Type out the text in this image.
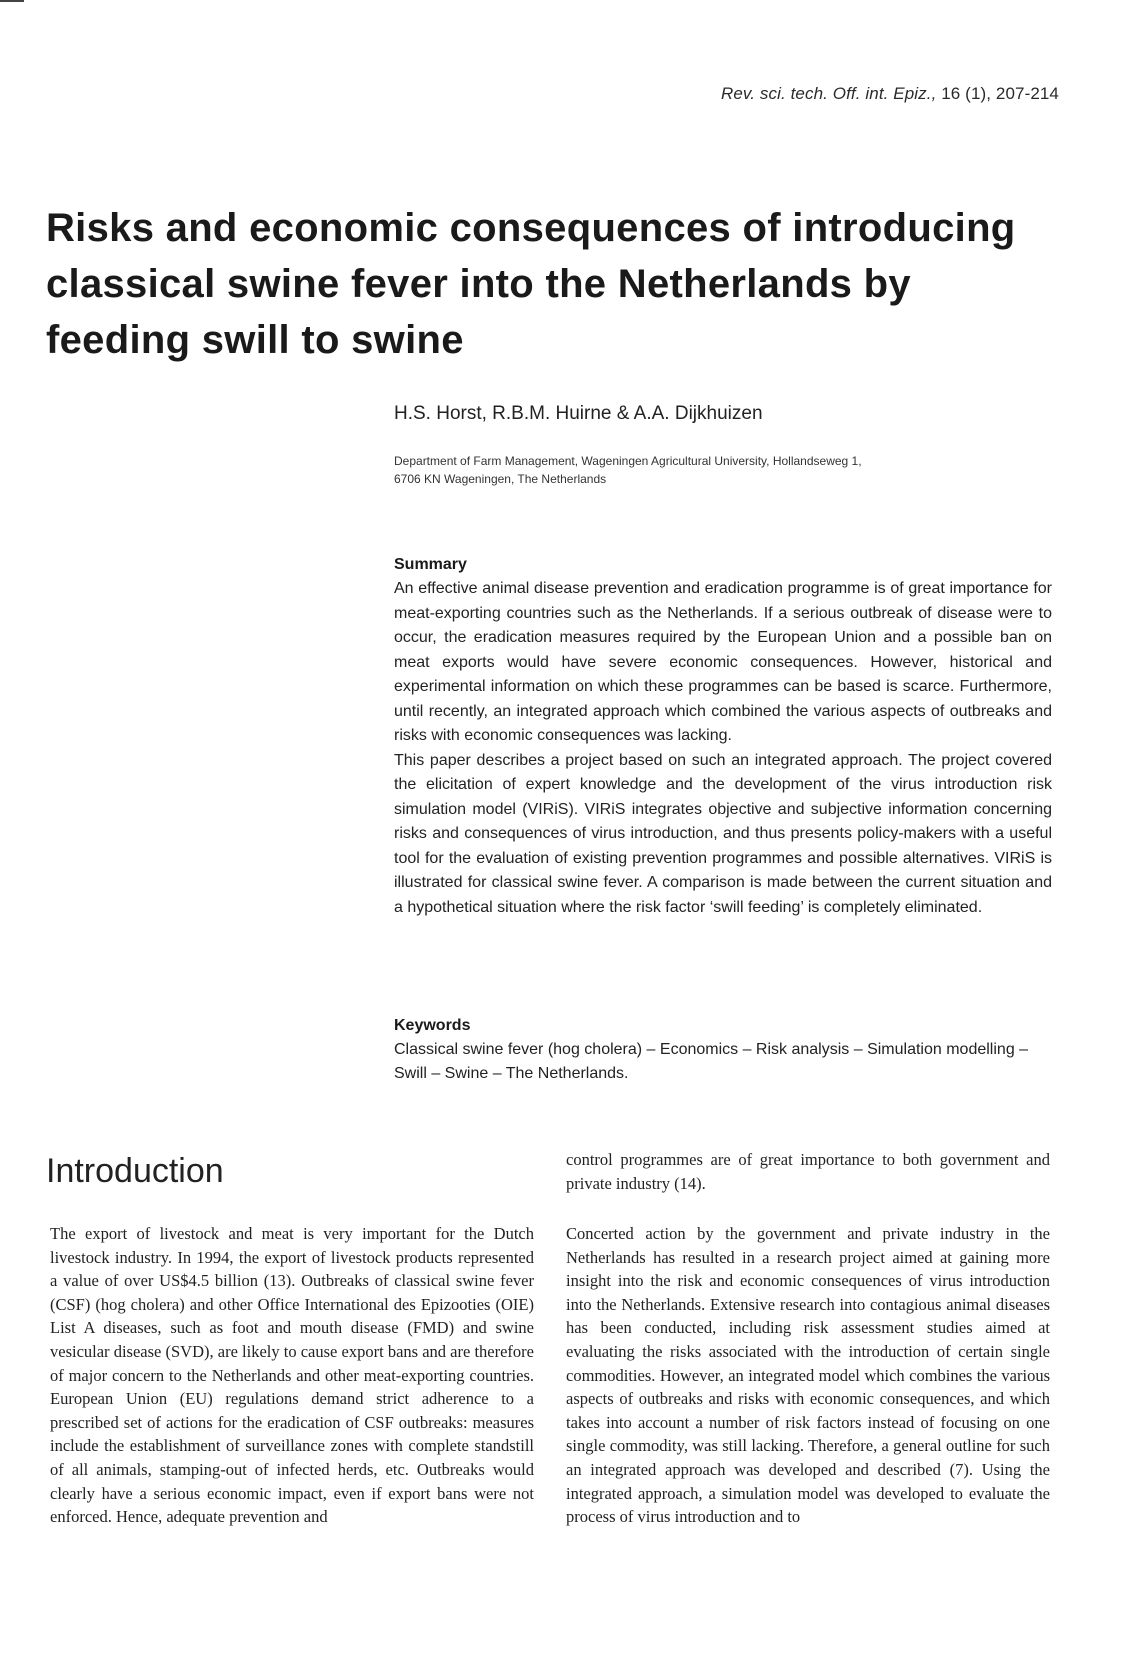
Rev. sci. tech. Off. int. Epiz., 16 (1), 207-214
Risks and economic consequences of introducing classical swine fever into the Netherlands by feeding swill to swine
H.S. Horst, R.B.M. Huirne & A.A. Dijkhuizen
Department of Farm Management, Wageningen Agricultural University, Hollandseweg 1,
6706 KN Wageningen, The Netherlands
Summary

An effective animal disease prevention and eradication programme is of great importance for meat-exporting countries such as the Netherlands. If a serious outbreak of disease were to occur, the eradication measures required by the European Union and a possible ban on meat exports would have severe economic consequences. However, historical and experimental information on which these programmes can be based is scarce. Furthermore, until recently, an integrated approach which combined the various aspects of outbreaks and risks with economic consequences was lacking.

This paper describes a project based on such an integrated approach. The project covered the elicitation of expert knowledge and the development of the virus introduction risk simulation model (VIRiS). VIRiS integrates objective and subjective information concerning risks and consequences of virus introduction, and thus presents policy-makers with a useful tool for the evaluation of existing prevention programmes and possible alternatives. VIRiS is illustrated for classical swine fever. A comparison is made between the current situation and a hypothetical situation where the risk factor ‘swill feeding’ is completely eliminated.

Keywords

Classical swine fever (hog cholera) – Economics – Risk analysis – Simulation modelling – Swill – Swine – The Netherlands.

Introduction

The export of livestock and meat is very important for the Dutch livestock industry. In 1994, the export of livestock products represented a value of over US$4.5 billion (13). Outbreaks of classical swine fever (CSF) (hog cholera) and other Office International des Epizooties (OIE) List A diseases, such as foot and mouth disease (FMD) and swine vesicular disease (SVD), are likely to cause export bans and are therefore of major concern to the Netherlands and other meat-exporting countries. European Union (EU) regulations demand strict adherence to a prescribed set of actions for the eradication of CSF outbreaks: measures include the establishment of surveillance zones with complete standstill of all animals, stamping-out of infected herds, etc. Outbreaks would clearly have a serious economic impact, even if export bans were not enforced. Hence, adequate prevention and

control programmes are of great importance to both government and private industry (14).

Concerted action by the government and private industry in the Netherlands has resulted in a research project aimed at gaining more insight into the risk and economic consequences of virus introduction into the Netherlands. Extensive research into contagious animal diseases has been conducted, including risk assessment studies aimed at evaluating the risks associated with the introduction of certain single commodities. However, an integrated model which combines the various aspects of outbreaks and risks with economic consequences, and which takes into account a number of risk factors instead of focusing on one single commodity, was still lacking. Therefore, a general outline for such an integrated approach was developed and described (7). Using the integrated approach, a simulation model was developed to evaluate the process of virus introduction and to
